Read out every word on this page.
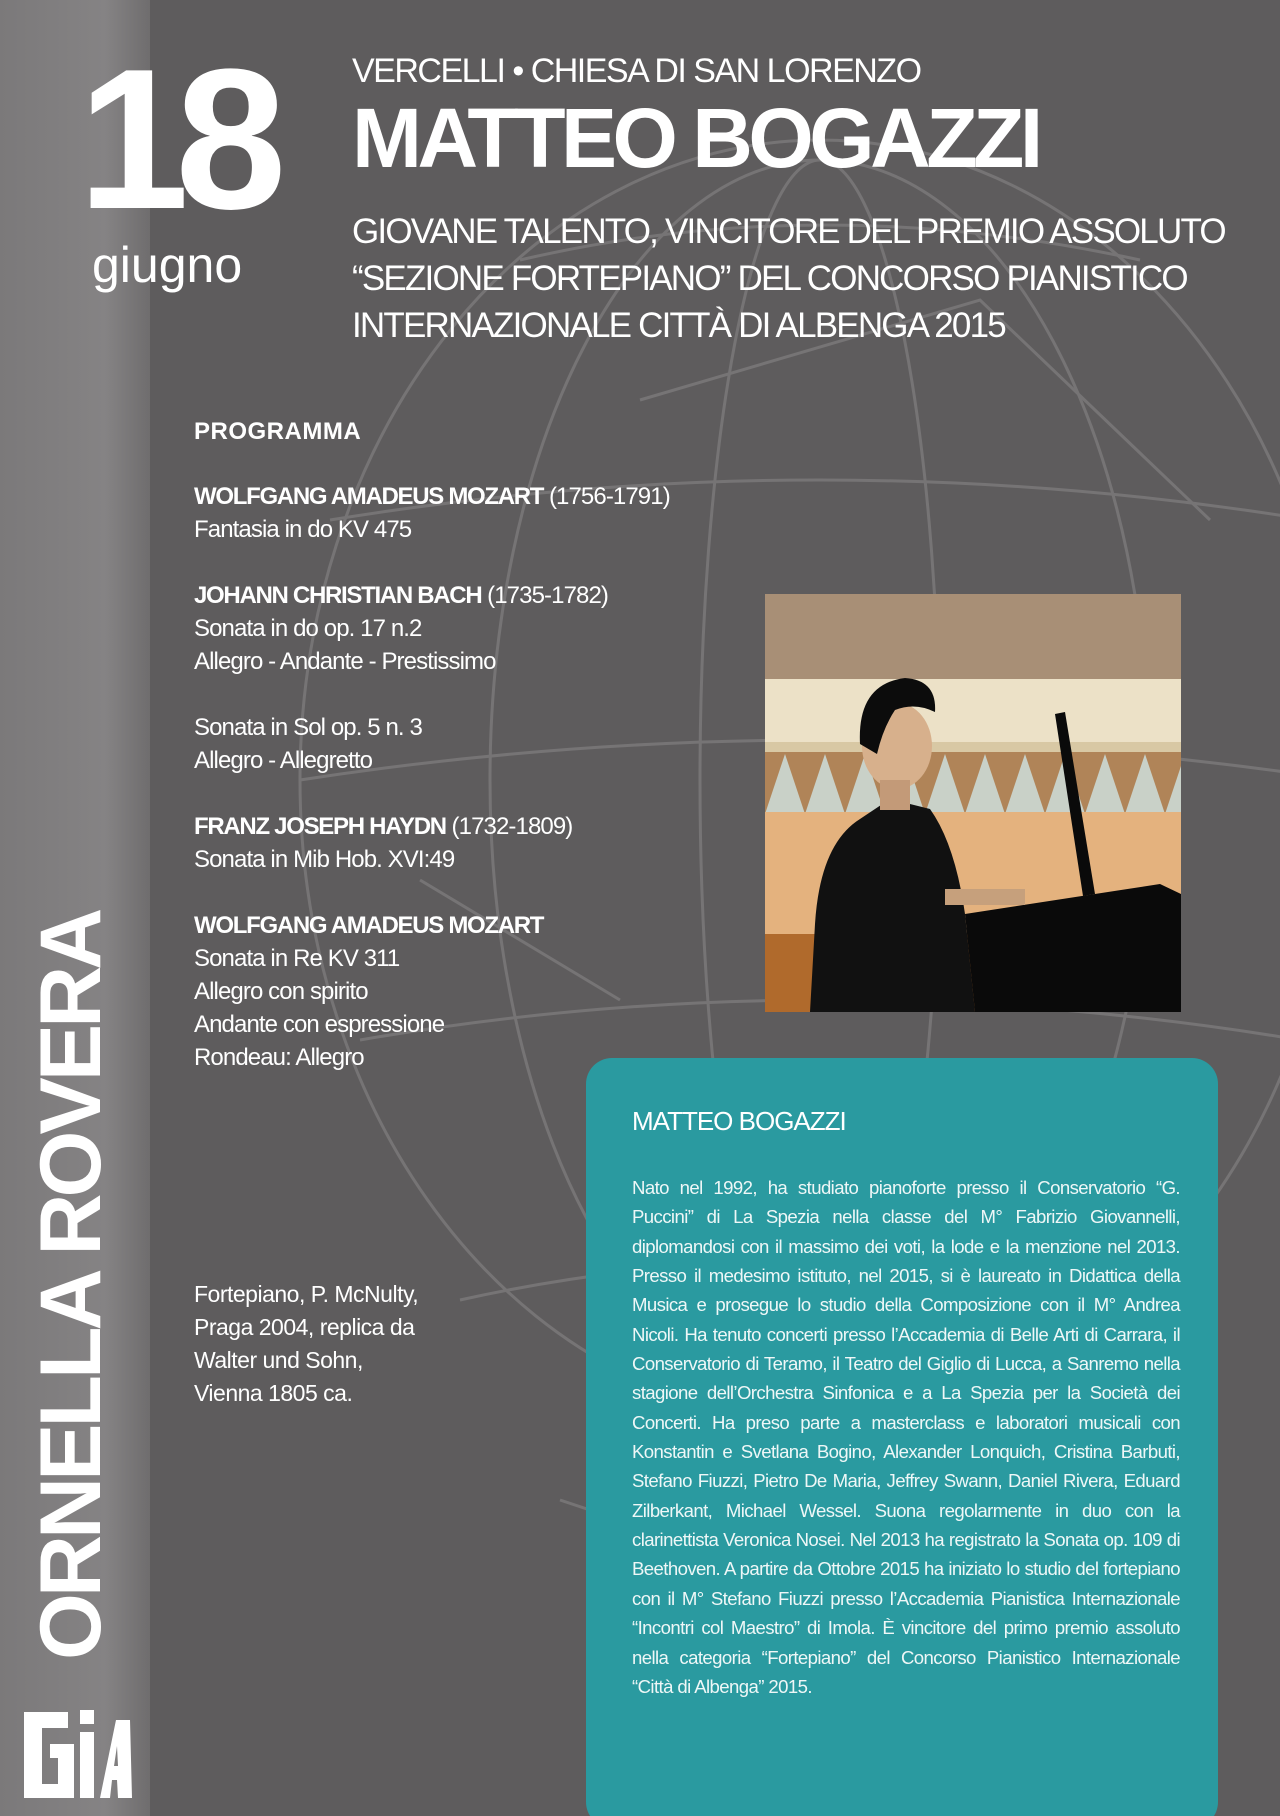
18
giugno
ORNELLA ROVERA
VERCELLI • CHIESA DI SAN LORENZO
MATTEO BOGAZZI
GIOVANE TALENTO, VINCITORE DEL PREMIO ASSOLUTO
“SEZIONE FORTEPIANO” DEL CONCORSO PIANISTICO
INTERNAZIONALE CITTÀ DI ALBENGA 2015
PROGRAMMA
WOLFGANG AMADEUS MOZART (1756-1791)
Fantasia in do KV 475
JOHANN CHRISTIAN BACH (1735-1782)
Sonata in do op. 17 n.2
Allegro - Andante - Prestissimo
Sonata in Sol op. 5 n. 3
Allegro - Allegretto
FRANZ JOSEPH HAYDN (1732-1809)
Sonata in Mib Hob. XVI:49
WOLFGANG AMADEUS MOZART
Sonata in Re KV 311
Allegro con spirito
Andante con espressione
Rondeau: Allegro
Fortepiano, P. McNulty,
Praga 2004, replica da
Walter und Sohn,
Vienna 1805 ca.
MATTEO BOGAZZI
Nato nel 1992, ha studiato pianoforte presso il Conservatorio “G. Puccini” di La Spezia nella classe del M° Fabrizio Giovannelli, diplomandosi con il massimo dei voti, la lode e la menzione nel 2013. Presso il medesimo istituto, nel 2015, si è laureato in Didattica della Musica e prosegue lo studio della Composizione con il M° Andrea Nicoli. Ha tenuto concerti presso l’Accademia di Belle Arti di Carrara, il Conservatorio di Teramo, il Teatro del Giglio di Lucca, a Sanremo nella stagione dell’Orchestra Sinfonica e a La Spezia per la Società dei Concerti. Ha preso parte a masterclass e laboratori musicali con Konstantin e Svetlana Bogino, Alexander Lonquich, Cristina Barbuti, Stefano Fiuzzi, Pietro De Maria, Jeffrey Swann, Daniel Rivera, Eduard Zilberkant, Michael Wessel. Suona regolarmente in duo con la clarinettista Veronica Nosei. Nel 2013 ha registrato la Sonata op. 109 di Beethoven. A partire da Ottobre 2015 ha iniziato lo studio del fortepiano con il M° Stefano Fiuzzi presso l’Accademia Pianistica Internazionale “Incontri col Maestro” di Imola. È vincitore del primo premio assoluto nella categoria “Fortepiano” del Concorso Pianistico Internazionale “Città di Albenga” 2015.
